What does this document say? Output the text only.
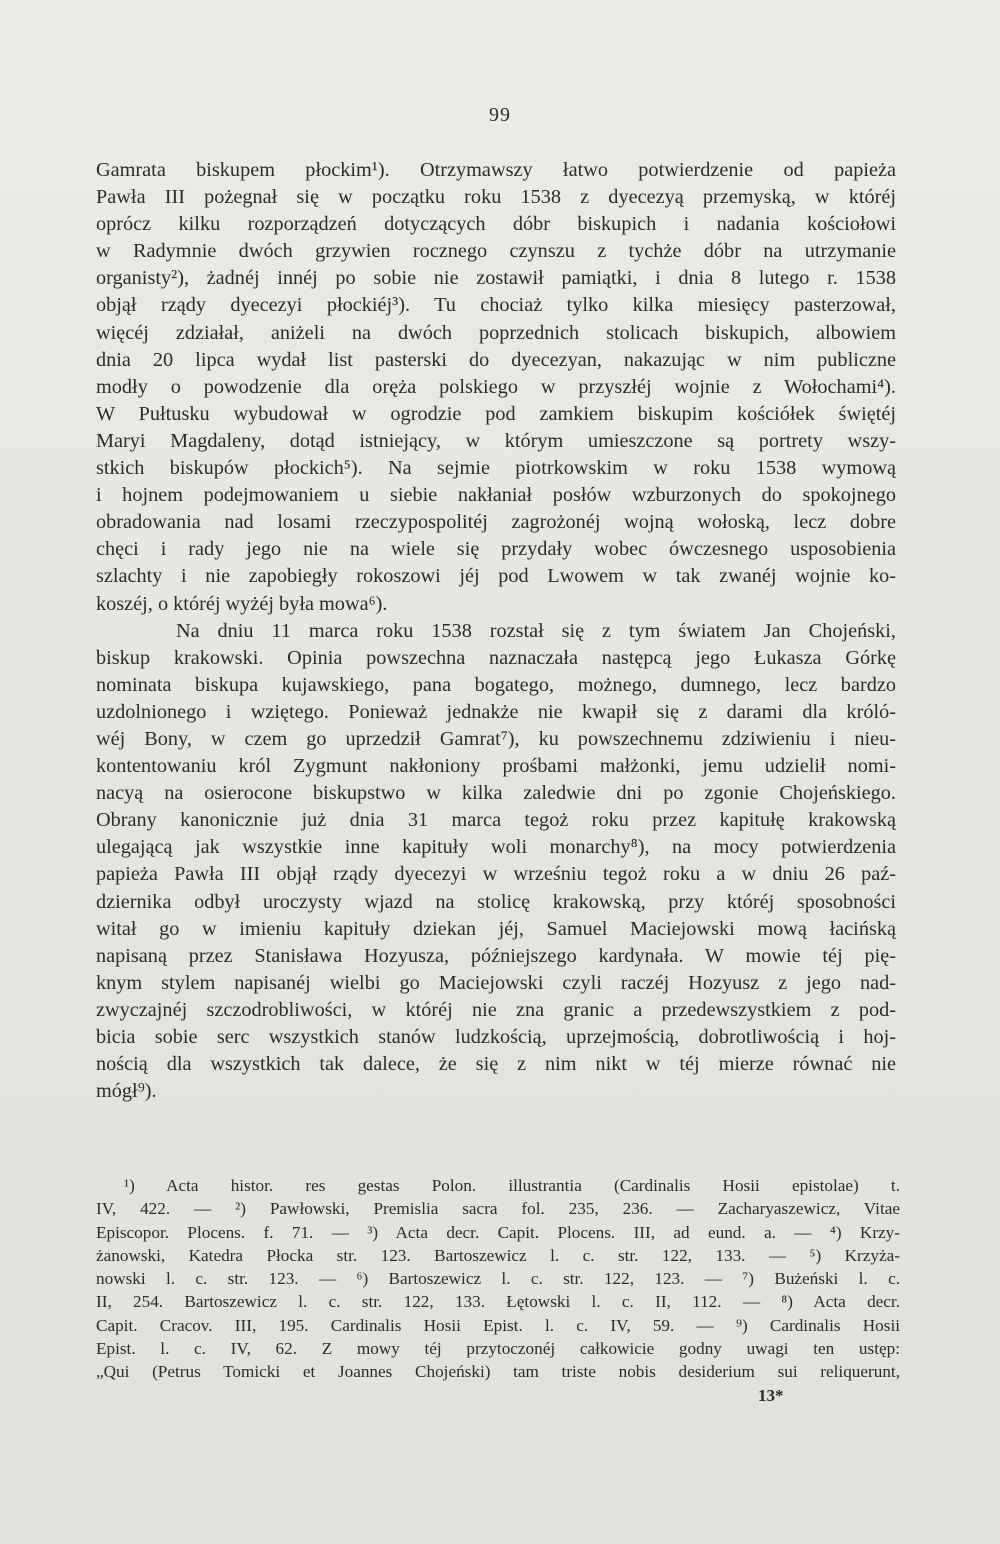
99
Gamrata biskupem płockim¹). Otrzymawszy łatwo potwierdzenie od papieża
Pawła III pożegnał się w początku roku 1538 z dyecezyą przemyską, w któréj
oprócz kilku rozporządzeń dotyczących dóbr biskupich i nadania kościołowi
w Radymnie dwóch grzywien rocznego czynszu z tychże dóbr na utrzymanie
organisty²), żadnéj innéj po sobie nie zostawił pamiątki, i dnia 8 lutego r. 1538
objął rządy dyecezyi płockiéj³). Tu chociaż tylko kilka miesięcy pasterzował,
więcéj zdziałał, aniżeli na dwóch poprzednich stolicach biskupich, albowiem
dnia 20 lipca wydał list pasterski do dyecezyan, nakazując w nim publiczne
modły o powodzenie dla oręża polskiego w przyszłéj wojnie z Wołochami⁴).
W Pułtusku wybudował w ogrodzie pod zamkiem biskupim kościółek świętéj
Maryi Magdaleny, dotąd istniejący, w którym umieszczone są portrety wszy-
stkich biskupów płockich⁵). Na sejmie piotrkowskim w roku 1538 wymową
i hojnem podejmowaniem u siebie nakłaniał posłów wzburzonych do spokojnego
obradowania nad losami rzeczypospolitéj zagrożonéj wojną wołoską, lecz dobre
chęci i rady jego nie na wiele się przydały wobec ówczesnego usposobienia
szlachty i nie zapobiegły rokoszowi jéj pod Lwowem w tak zwanéj wojnie ko-
koszéj, o któréj wyżéj była mowa⁶).
Na dniu 11 marca roku 1538 rozstał się z tym światem Jan Chojeński,
biskup krakowski. Opinia powszechna naznaczała następcą jego Łukasza Górkę
nominata biskupa kujawskiego, pana bogatego, możnego, dumnego, lecz bardzo
uzdolnionego i wziętego. Ponieważ jednakże nie kwapił się z darami dla króló-
wéj Bony, w czem go uprzedził Gamrat⁷), ku powszechnemu zdziwieniu i nieu-
kontentowaniu król Zygmunt nakłoniony prośbami małżonki, jemu udzielił nomi-
nacyą na osierocone biskupstwo w kilka zaledwie dni po zgonie Chojeńskiego.
Obrany kanonicznie już dnia 31 marca tegoż roku przez kapitułę krakowską
ulegającą jak wszystkie inne kapituły woli monarchy⁸), na mocy potwierdzenia
papieża Pawła III objął rządy dyecezyi w wrześniu tegoż roku a w dniu 26 paź-
dziernika odbył uroczysty wjazd na stolicę krakowską, przy któréj sposobności
witał go w imieniu kapituły dziekan jéj, Samuel Maciejowski mową łacińską
napisaną przez Stanisława Hozyusza, późniejszego kardynała. W mowie téj pię-
knym stylem napisanéj wielbi go Maciejowski czyli raczéj Hozyusz z jego nad-
zwyczajnéj szczodrobliwości, w któréj nie zna granic a przedewszystkiem z pod-
bicia sobie serc wszystkich stanów ludzkością, uprzejmością, dobrotliwością i hoj-
nością dla wszystkich tak dalece, że się z nim nikt w téj mierze równać nie
mógł⁹).
¹) Acta histor. res gestas Polon. illustrantia (Cardinalis Hosii epistolae) t.
IV, 422. — ²) Pawłowski, Premislia sacra fol. 235, 236. — Zacharyaszewicz, Vitae
Episcopor. Plocens. f. 71. — ³) Acta decr. Capit. Plocens. III, ad eund. a. — ⁴) Krzy-
żanowski, Katedra Płocka str. 123. Bartoszewicz l. c. str. 122, 133. — ⁵) Krzyża-
nowski l. c. str. 123. — ⁶) Bartoszewicz l. c. str. 122, 123. — ⁷) Bużeński l. c.
II, 254. Bartoszewicz l. c. str. 122, 133. Łętowski l. c. II, 112. — ⁸) Acta decr.
Capit. Cracov. III, 195. Cardinalis Hosii Epist. l. c. IV, 59. — ⁹) Cardinalis Hosii
Epist. l. c. IV, 62. Z mowy téj przytoczonéj całkowicie godny uwagi ten ustęp:
„Qui (Petrus Tomicki et Joannes Chojeński) tam triste nobis desiderium sui reliquerunt,
13*
